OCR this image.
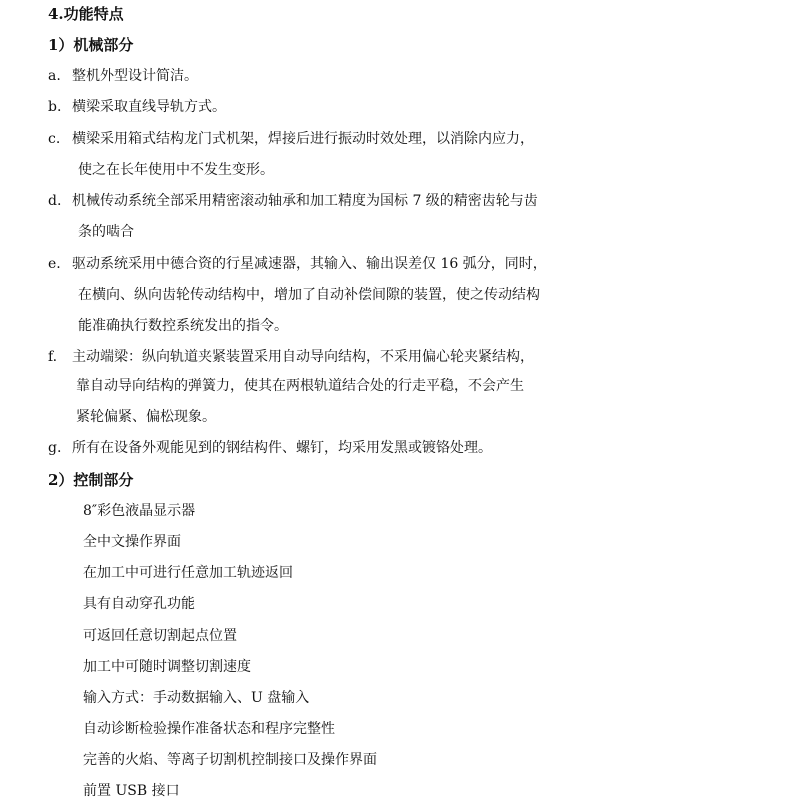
4.功能特点
1）机械部分
a. 整机外型设计简洁。
b. 横梁采取直线导轨方式。
c. 横梁采用箱式结构龙门式机架，焊接后进行振动时效处理，以消除内应力，
使之在长年使用中不发生变形。
d. 机械传动系统全部采用精密滚动轴承和加工精度为国标 7 级的精密齿轮与齿
条的啮合
e. 驱动系统采用中德合资的行星减速器，其输入、输出误差仅 16 弧分，同时，
在横向、纵向齿轮传动结构中，增加了自动补偿间隙的装置，使之传动结构
能准确执行数控系统发出的指令。
f. 主动端梁：纵向轨道夹紧装置采用自动导向结构，不采用偏心轮夹紧结构，
靠自动导向结构的弹簧力，使其在两根轨道结合处的行走平稳，不会产生
紧轮偏紧、偏松现象。
g. 所有在设备外观能见到的钢结构件、螺钉，均采用发黑或镀铬处理。
2）控制部分
8″彩色液晶显示器
全中文操作界面
在加工中可进行任意加工轨迹返回
具有自动穿孔功能
可返回任意切割起点位置
加工中可随时调整切割速度
输入方式：手动数据输入、U 盘输入
自动诊断检验操作准备状态和程序完整性
完善的火焰、等离子切割机控制接口及操作界面
前置 USB 接口
